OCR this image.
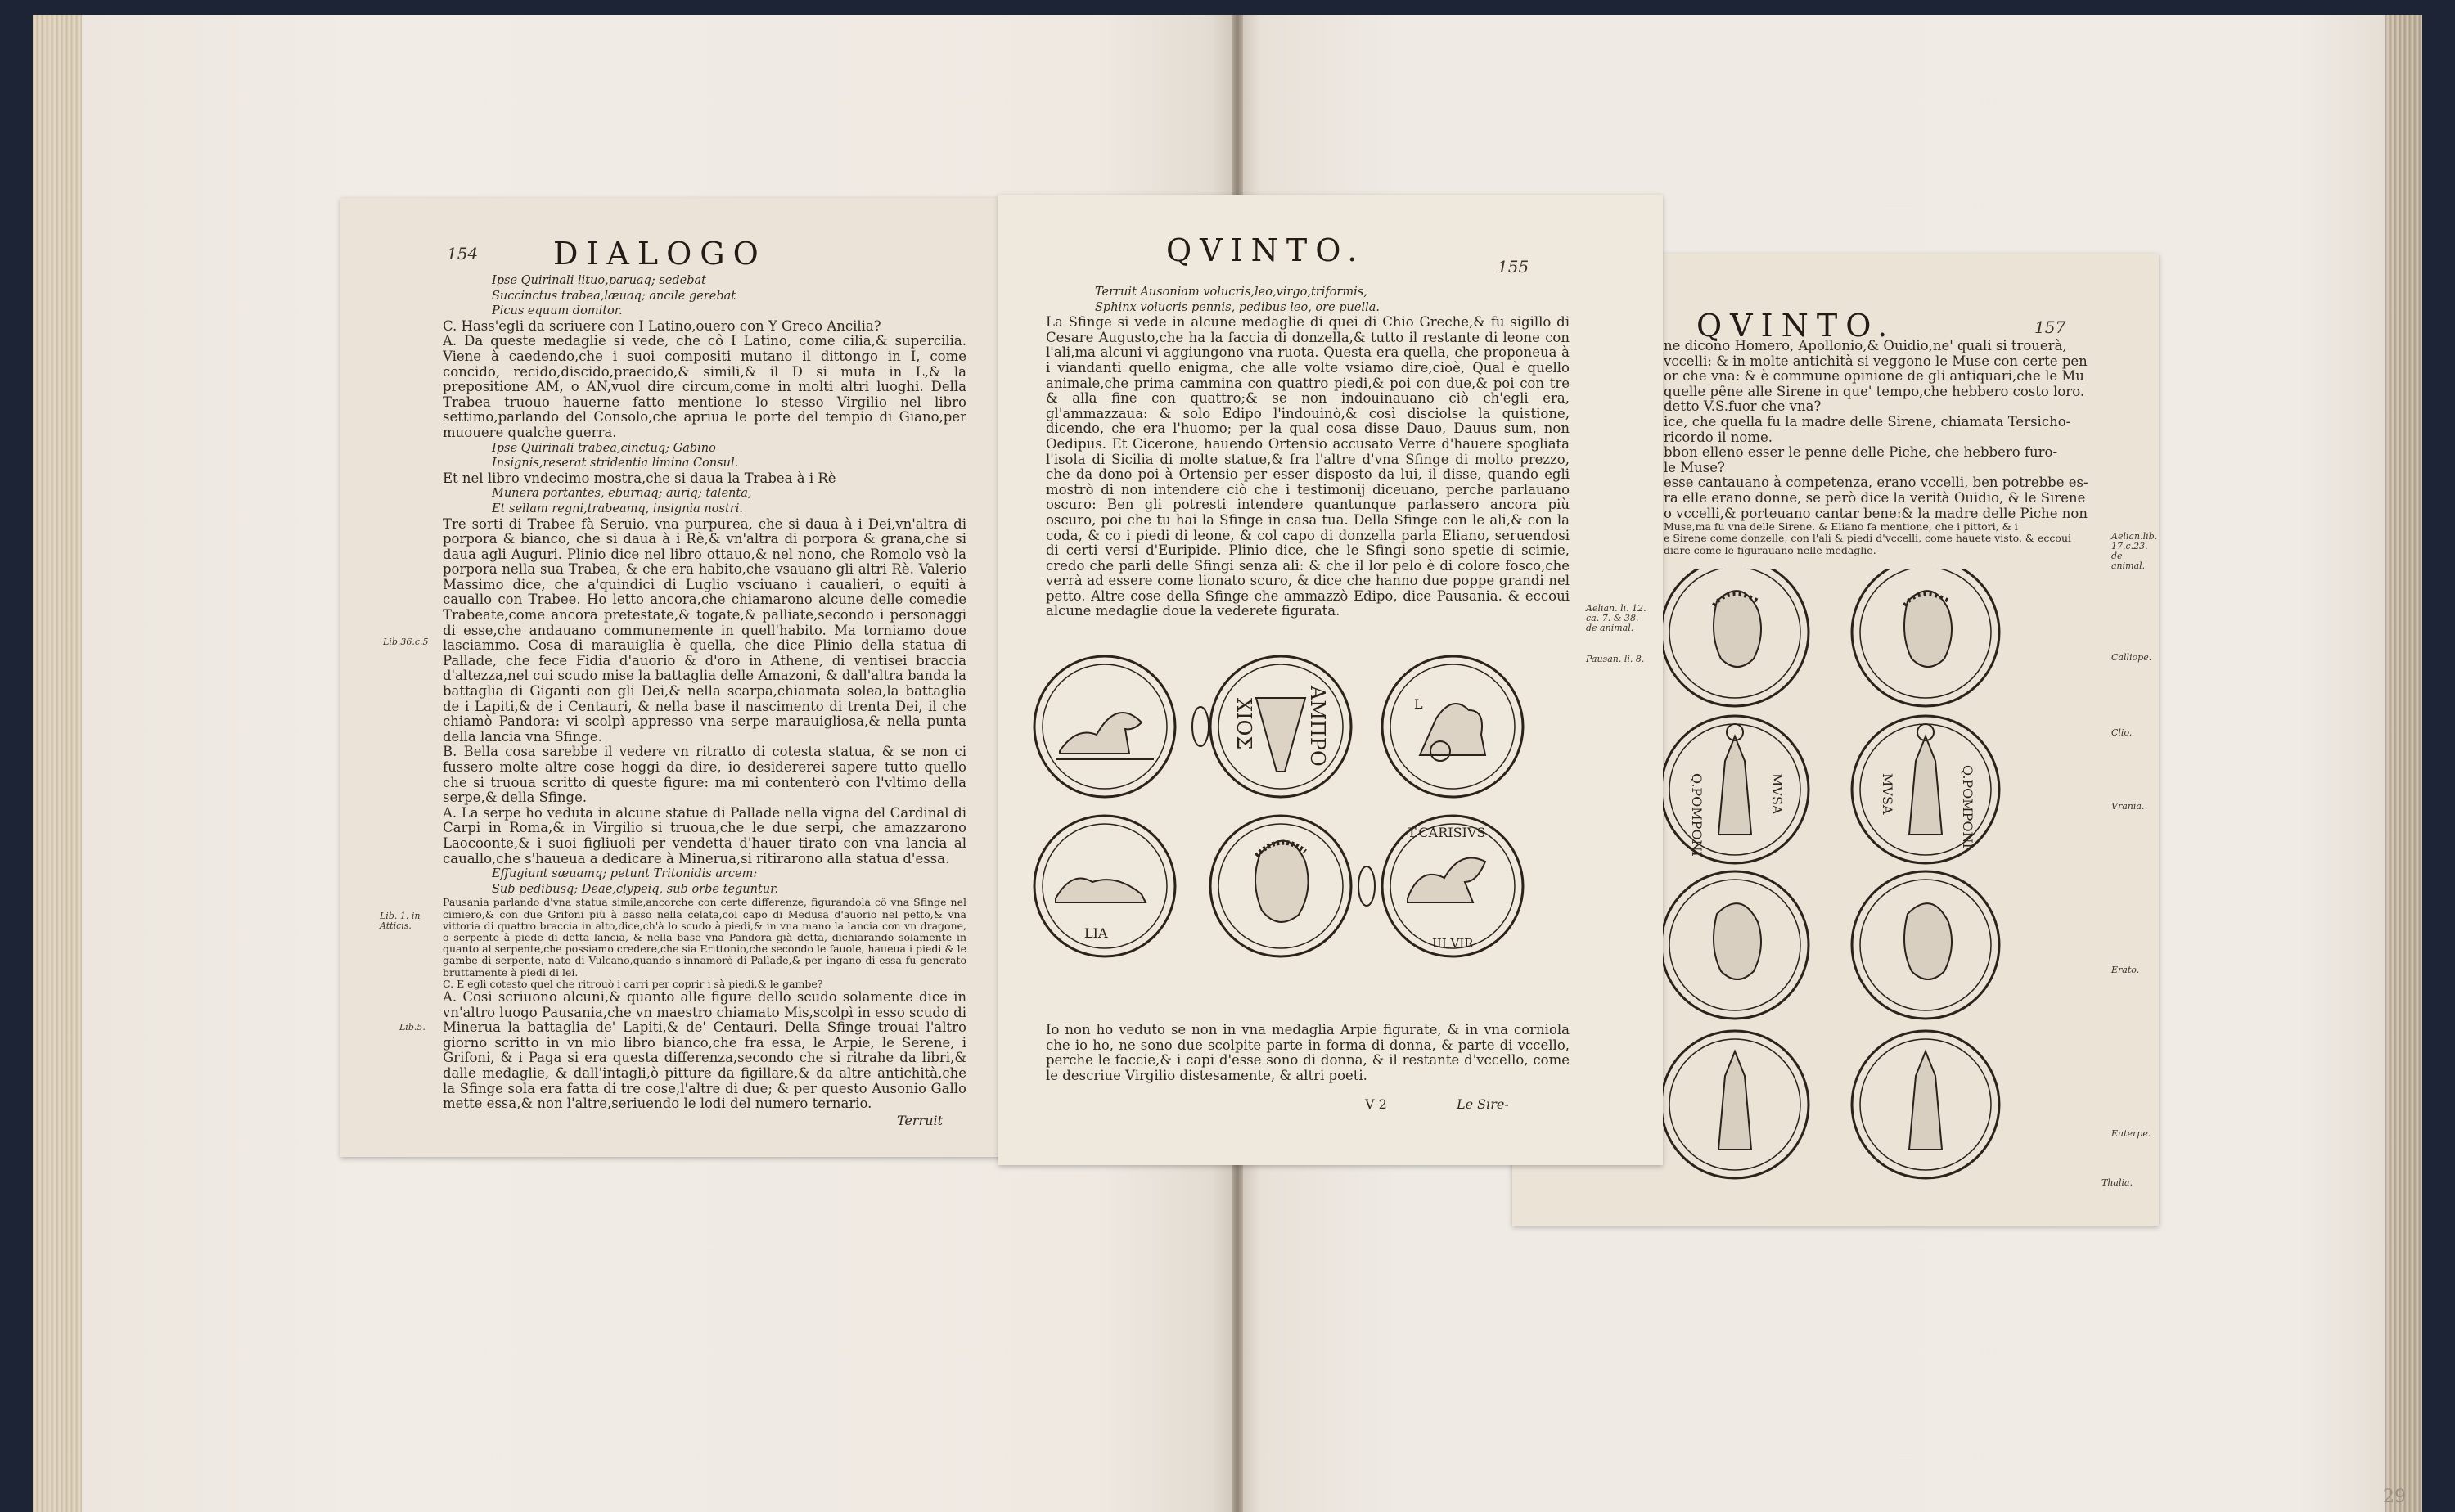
29
154 DIALOGO

Ipse Quirinali lituo,paruaq; sedebat

Succinctus trabea,læuaq; ancile gerebat

Picus equum domitor.

C. Hass'egli da scriuere con I Latino,ouero con Y Greco Ancilia?

A. Da queste medaglie si vede, che cô I Latino, come cilia,& supercilia. Viene à caedendo,che i suoi compositi mutano il dittongo in I, come concido, recido,discido,praecido,& simili,& il D si muta in L,& la prepositione AM, o AN,vuol dire circum,come in molti altri luoghi. Della Trabea truouo hauerne fatto mentione lo stesso Virgilio nel libro settimo,parlando del Consolo,che apriua le porte del tempio di Giano,per muouere qualche guerra.

Ipse Quirinali trabea,cinctuq; Gabino

Insignis,reserat stridentia limina Consul.

Et nel libro vndecimo mostra,che si daua la Trabea à i Rè

Munera portantes, eburnaq; auriq; talenta,

Et sellam regni,trabeamq, insignia nostri.

Tre sorti di Trabee fà Seruio, vna purpurea, che si daua à i Dei,vn'altra di porpora & bianco, che si daua à i Rè,& vn'altra di porpora & grana,che si daua agli Auguri. Plinio dice nel libro ottauo,& nel nono, che Romolo vsò la porpora nella sua Trabea, & che era habito,che vsauano gli altri Rè. Valerio Massimo dice, che a'quindici di Luglio vsciuano i caualieri, o equiti à cauallo con Trabee. Ho letto ancora,che chiamarono alcune delle comedie Trabeate,come ancora pretestate,& togate,& palliate,secondo i personaggi di esse,che andauano communemente in quell'habito. Ma torniamo doue lasciammo. Cosa di marauiglia è quella, che dice Plinio della statua di Pallade, che fece Fidia d'auorio & d'oro in Athene, di ventisei braccia d'altezza,nel cui scudo mise la battaglia delle Amazoni, & dall'altra banda la battaglia di Giganti con gli Dei,& nella scarpa,chiamata solea,la battaglia de i Lapiti,& de i Centauri, & nella base il nascimento di trenta Dei, il che chiamò Pandora: vi scolpì appresso vna serpe marauigliosa,& nella punta della lancia vna Sfinge.

B. Bella cosa sarebbe il vedere vn ritratto di cotesta statua, & se non ci fussero molte altre cose hoggi da dire, io desidererei sapere tutto quello che si truoua scritto di queste figure: ma mi contenterò con l'vltimo della serpe,& della Sfinge.

A. La serpe ho veduta in alcune statue di Pallade nella vigna del Cardinal di Carpi in Roma,& in Virgilio si truoua,che le due serpi, che amazzarono Laocoonte,& i suoi figliuoli per vendetta d'hauer tirato con vna lancia al cauallo,che s'haueua a dedicare à Minerua,si ritirarono alla statua d'essa.

Effugiunt sæuamq; petunt Tritonidis arcem:

Sub pedibusq; Deae,clypeiq, sub orbe teguntur.

Pausania parlando d'vna statua simile,ancorche con certe differenze, figurandola cô vna Sfinge nel cimiero,& con due Grifoni più à basso nella celata,col capo di Medusa d'auorio nel petto,& vna vittoria di quattro braccia in alto,dice,ch'à lo scudo à piedi,& in vna mano la lancia con vn dragone, o serpente à piede di detta lancia, & nella base vna Pandora già detta, dichiarando solamente in quanto al serpente,che possiamo credere,che sia Erittonio,che secondo le fauole, haueua i piedi & le gambe di serpente, nato di Vulcano,quando s'innamorò di Pallade,& per ingano di essa fu generato bruttamente à piedi di lei.

C. E egli cotesto quel che ritrouò i carri per coprir i sà piedi,& le gambe?

A. Cosi scriuono alcuni,& quanto alle figure dello scudo solamente dice in vn'altro luogo Pausania,che vn maestro chiamato Mis,scolpì in esso scudo di Minerua la battaglia de' Lapiti,& de' Centauri. Della Sfinge trouai l'altro giorno scritto in vn mio libro bianco,che fra essa, le Arpie, le Serene, i Grifoni, & i Paga si era questa differenza,secondo che si ritrahe da libri,& dalle medaglie, & dall'intagli,ò pitture da figillare,& da altre antichità,che la Sfinge sola era fatta di tre cose,l'altre di due; & per questo Ausonio Gallo mette essa,& non l'altre,seriuendo le lodi del numero ternario.

Lib.36.c.5
Lib. 1. in Atticis.
Lib.5.
Terruit
QVINTO.	157

ne dicono Homero, Apollonio,& Ouidio,ne' quali si trouerà,

vccelli: & in molte antichità si veggono le Muse con certe pen

or che vna: & è commune opinione de gli antiquari,che le Mu

quelle pêne alle Sirene in que' tempo,che hebbero costo loro.

detto V.S.fuor che vna?

ice, che quella fu la madre delle Sirene, chiamata Tersicho-

ricordo il nome.

bbon elleno esser le penne delle Piche, che hebbero furo-

le Muse?

esse cantauano à competenza, erano vccelli, ben potrebbe es-

ra elle erano donne, se però dice la verità Ouidio, & le Sirene

o vccelli,& porteuano cantar bene:& la madre delle Piche non

Muse,ma fu vna delle Sirene. & Eliano fa mentione, che i pittori, & i

e Sirene come donzelle, con l'ali & piedi d'vccelli, come hauete visto. & eccoui

diare come le figurauano nelle medaglie.

Aelian.lib. 17.c.23. de animal.
Calliope.
Clio.
Vrania.
Erato.
Euterpe.
Thalia.
Q.POMPONI	MVSA	MVSA	Q.POMPONI
QVINTO.	155

Terruit Ausoniam volucris,leo,virgo,triformis,

Sphinx volucris pennis, pedibus leo, ore puella.

La Sfinge si vede in alcune medaglie di quei di Chio Greche,& fu sigillo di Cesare Augusto,che ha la faccia di donzella,& tutto il restante di leone con l'ali,ma alcuni vi aggiungono vna ruota. Questa era quella, che proponeua à i viandanti quello enigma, che alle volte vsiamo dire,cioè, Qual è quello animale,che prima cammina con quattro piedi,& poi con due,& poi con tre & alla fine con quattro;& se non indouinauano ciò ch'egli era, gl'ammazzaua: & solo Edipo l'indouinò,& così disciolse la quistione, dicendo, che era l'huomo; per la qual cosa disse Dauo, Dauus sum, non Oedipus. Et Cicerone, hauendo Ortensio accusato Verre d'hauere spogliata l'isola di Sicilia di molte statue,& fra l'altre d'vna Sfinge di molto prezzo, che da dono poi à Ortensio per esser disposto da lui, il disse, quando egli mostrò di non intendere ciò che i testimonij diceuano, perche parlauano oscuro: Ben gli potresti intendere quantunque parlassero ancora più oscuro, poi che tu hai la Sfinge in casa tua. Della Sfinge con le ali,& con la coda, & co i piedi di leone, & col capo di donzella parla Eliano, seruendosi di certi versi d'Euripide. Plinio dice, che le Sfingi sono spetie di scimie, credo che parli delle Sfingi senza ali: & che il lor pelo è di colore fosco,che verrà ad essere come lionato scuro, & dice che hanno due poppe grandi nel petto. Altre cose della Sfinge che ammazzò Edipo, dice Pausania. & eccoui alcune medaglie doue la vederete figurata.	Aelian. li. 12. ca. 7. & 38. de animal.
Pausan. li. 8.
AMΠPO
XIOΣ	L
LIA
T.CARISIVS
III VIR
Io non ho veduto se non in vna medaglia Arpie figurate, & in vna corniola che io ho, ne sono due scolpite parte in forma di donna, & parte di vccello, perche le faccie,& i capi d'esse sono di donna, & il restante d'vccello, come le descriue Virgilio distesamente, & altri poeti.
V 2	Le Sire-
